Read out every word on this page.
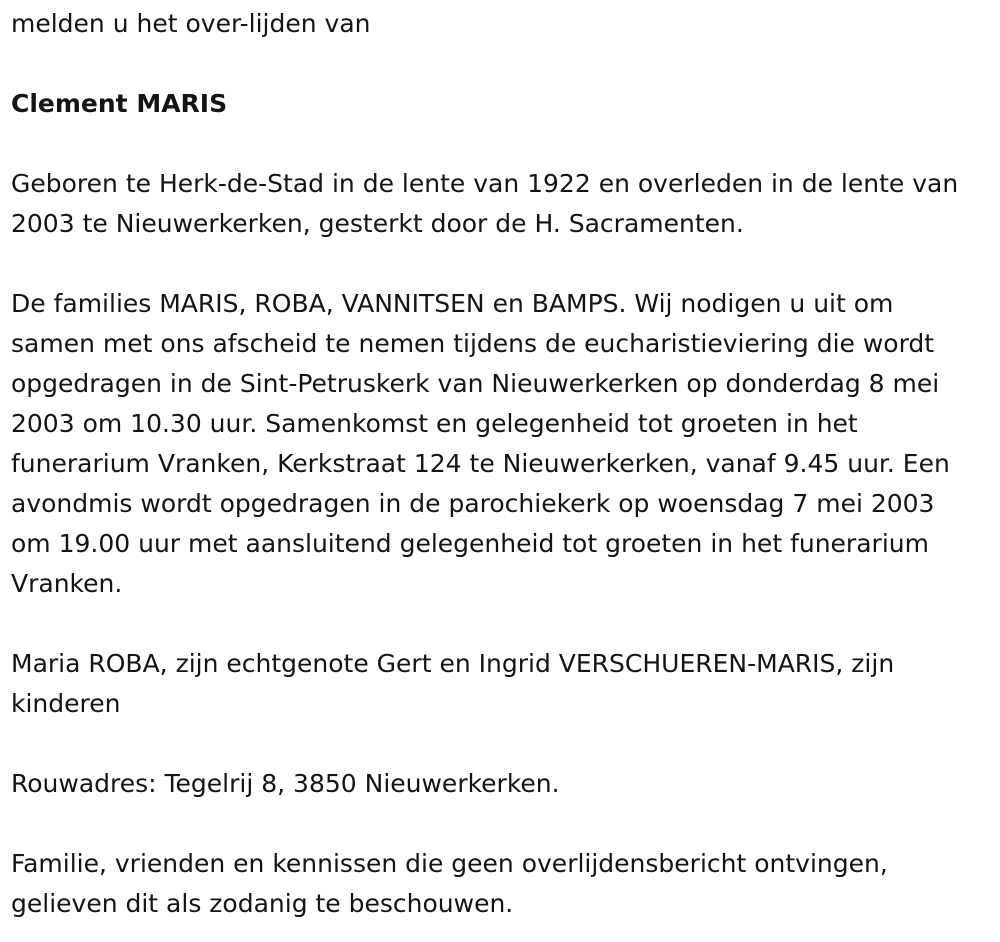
melden u het over-lijden van

Clement MARIS

Geboren te Herk-de-Stad in de lente van 1922 en overleden in de lente van 2003 te Nieuwerkerken, gesterkt door de H. Sacramenten.

De families MARIS, ROBA, VANNITSEN en BAMPS. Wij nodigen u uit om samen met ons afscheid te nemen tijdens de eucharistieviering die wordt opgedragen in de Sint-Petruskerk van Nieuwerkerken op donderdag 8 mei 2003 om 10.30 uur. Samenkomst en gelegenheid tot groeten in het funerarium Vranken, Kerkstraat 124 te Nieuwerkerken, vanaf 9.45 uur. Een avondmis wordt opgedragen in de parochiekerk op woensdag 7 mei 2003 om 19.00 uur met aansluitend gelegenheid tot groeten in het funerarium Vranken.

Maria ROBA, zijn echtgenote Gert en Ingrid VERSCHUEREN-MARIS, zijn kinderen

Rouwadres: Tegelrij 8, 3850 Nieuwerkerken.

Familie, vrienden en kennissen die geen overlijdensbericht ontvingen, gelieven dit als zodanig te beschouwen.
